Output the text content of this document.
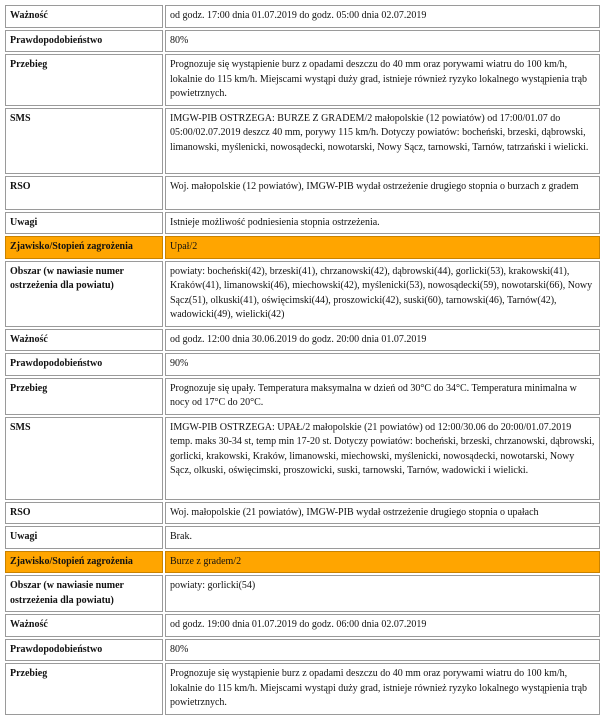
Ważność	od godz. 17:00 dnia 01.07.2019 do godz. 05:00 dnia 02.07.2019
Prawdopodobieństwo	80%
Przebieg	Prognozuje się wystąpienie burz z opadami deszczu do 40 mm oraz porywami wiatru do 100 km/h, lokalnie do 115 km/h. Miejscami wystąpi duży grad, istnieje również ryzyko lokalnego wystąpienia trąb powietrznych.
SMS	IMGW-PIB OSTRZEGA: BURZE Z GRADEM/2 małopolskie (12 powiatów) od 17:00/01.07 do 05:00/02.07.2019 deszcz 40 mm, porywy 115 km/h. Dotyczy powiatów: bocheński, brzeski, dąbrowski, limanowski, myślenicki, nowosądecki, nowotarski, Nowy Sącz, tarnowski, Tarnów, tatrzański i wielicki.
RSO	Woj. małopolskie (12 powiatów), IMGW-PIB wydał ostrzeżenie drugiego stopnia o burzach z gradem
Uwagi	Istnieje możliwość podniesienia stopnia ostrzeżenia.
Zjawisko/Stopień zagrożenia	Upał/2
Obszar (w nawiasie numer ostrzeżenia dla powiatu)	powiaty: bocheński(42), brzeski(41), chrzanowski(42), dąbrowski(44), gorlicki(53), krakowski(41), Kraków(41), limanowski(46), miechowski(42), myślenicki(53), nowosądecki(59), nowotarski(66), Nowy Sącz(51), olkuski(41), oświęcimski(44), proszowicki(42), suski(60), tarnowski(46), Tarnów(42), wadowicki(49), wielicki(42)
Ważność	od godz. 12:00 dnia 30.06.2019 do godz. 20:00 dnia 01.07.2019
Prawdopodobieństwo	90%
Przebieg	Prognozuje się upały. Temperatura maksymalna w dzień od 30°C do 34°C. Temperatura minimalna w nocy od 17°C do 20°C.
SMS	IMGW-PIB OSTRZEGA: UPAŁ/2 małopolskie (21 powiatów) od 12:00/30.06 do 20:00/01.07.2019 temp. maks 30-34 st, temp min 17-20 st. Dotyczy powiatów: bocheński, brzeski, chrzanowski, dąbrowski, gorlicki, krakowski, Kraków, limanowski, miechowski, myślenicki, nowosądecki, nowotarski, Nowy Sącz, olkuski, oświęcimski, proszowicki, suski, tarnowski, Tarnów, wadowicki i wielicki.
RSO	Woj. małopolskie (21 powiatów), IMGW-PIB wydał ostrzeżenie drugiego stopnia o upałach
Uwagi	Brak.
Zjawisko/Stopień zagrożenia	Burze z gradem/2
Obszar (w nawiasie numer ostrzeżenia dla powiatu)	powiaty: gorlicki(54)
Ważność	od godz. 19:00 dnia 01.07.2019 do godz. 06:00 dnia 02.07.2019
Prawdopodobieństwo	80%
Przebieg	Prognozuje się wystąpienie burz z opadami deszczu do 40 mm oraz porywami wiatru do 100 km/h, lokalnie do 115 km/h. Miejscami wystąpi duży grad, istnieje również ryzyko lokalnego wystąpienia trąb powietrznych.
